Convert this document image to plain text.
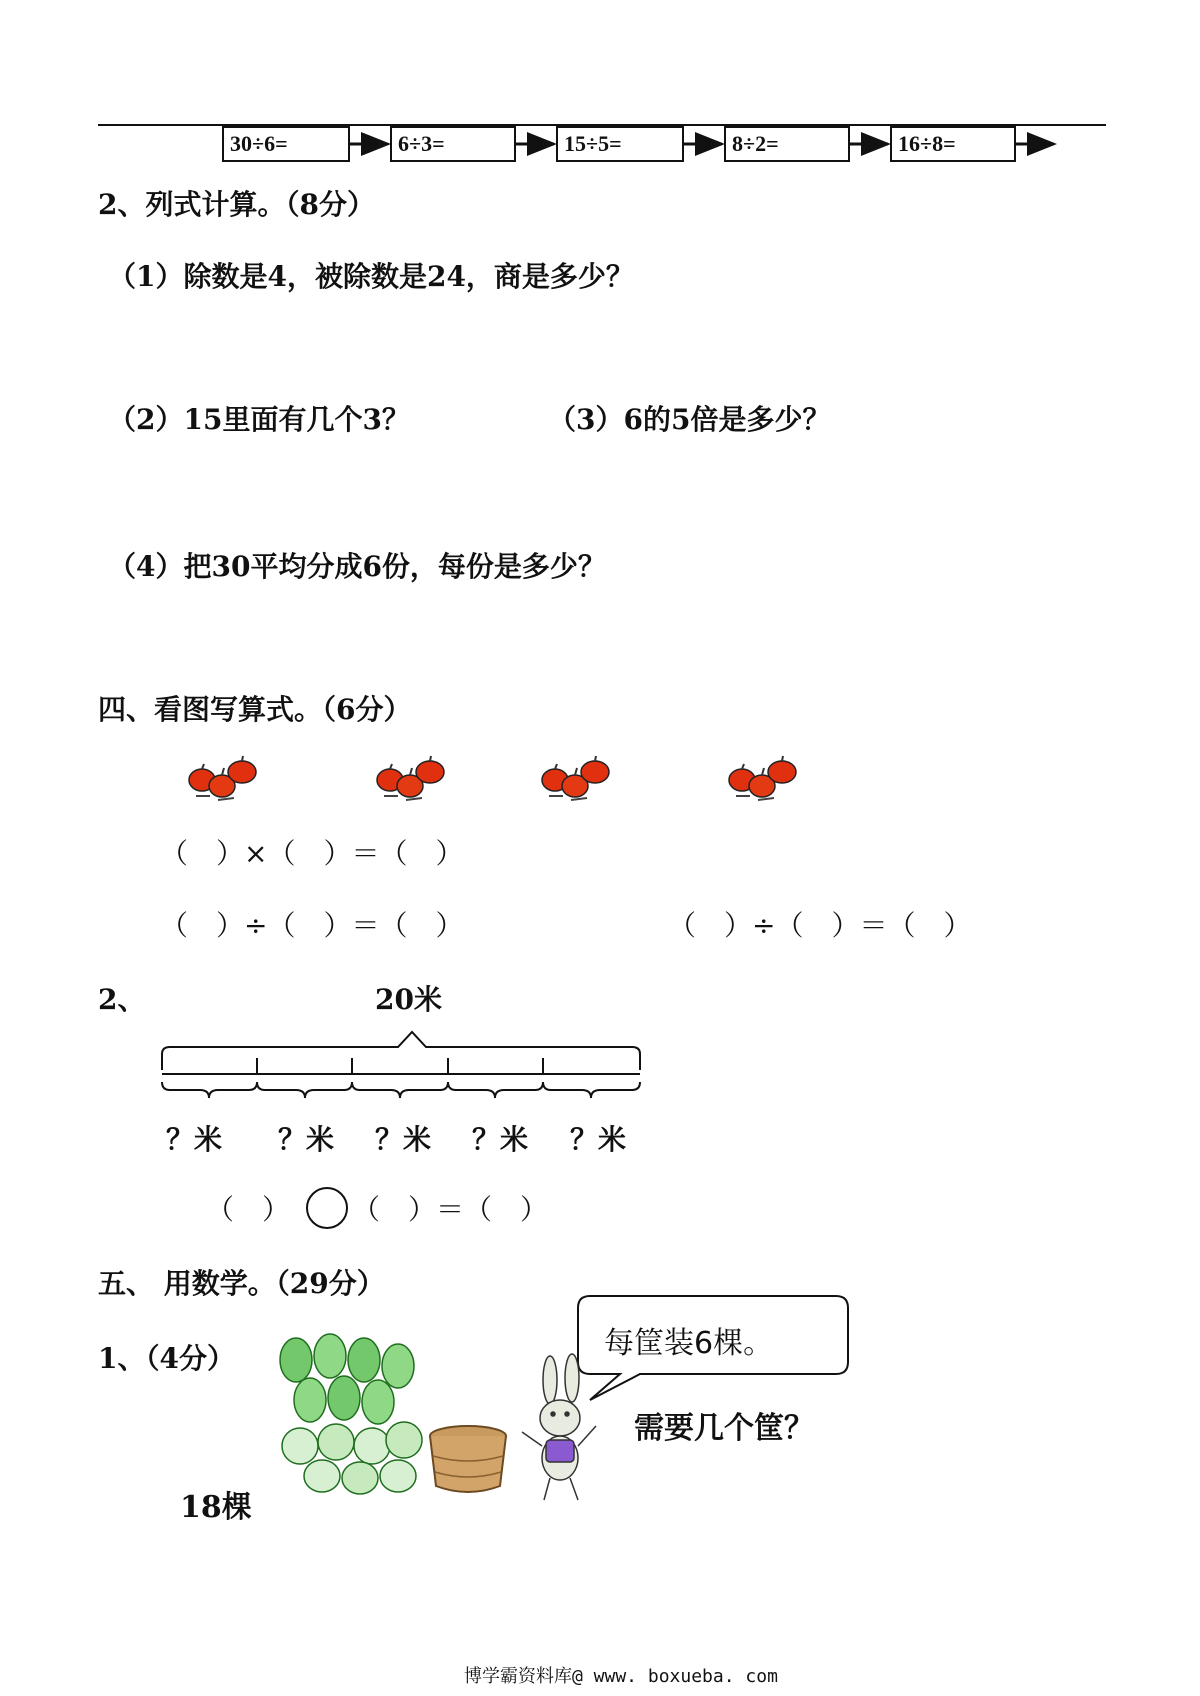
30÷6=	6÷3=	15÷5=	8÷2=	16÷8=
2、列式计算。（8分）
（1）除数是4，被除数是24，商是多少？
（2）15里面有几个3？	（3）6的5倍是多少？
（4）把30平均分成6份，每份是多少？
四、看图写算式。（6分）
（　）×（　）＝（　）
（　）÷（　）＝（　）	（　）÷（　）＝（　）
2、	20米
？米 ？米 ？米 ？米 ？米
（　） （　）＝（　）
五、 用数学。（29分）
1、（4分）	每筐装6棵。
需要几个筐？
18棵
博学霸资料库@ www. boxueba. com
